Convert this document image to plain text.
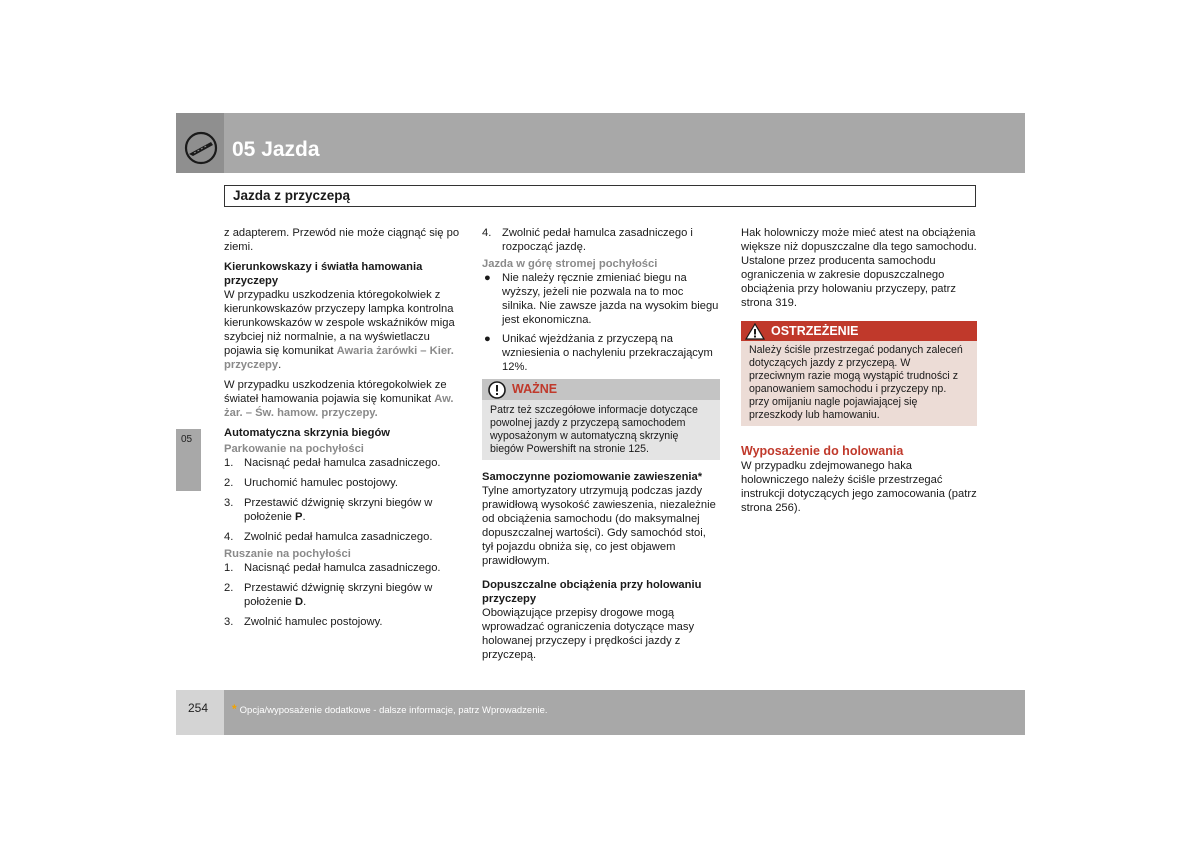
05 Jazda
Jazda z przyczepą
05
z adapterem. Przewód nie może ciągnąć się po ziemi.
Kierunkowskazy i światła hamowania przyczepy
W przypadku uszkodzenia któregokolwiek z kierunkowskazów przyczepy lampka kontrolna kierunkowskazów w zespole wskaźników miga szybciej niż normalnie, a na wyświetlaczu pojawia się komunikat Awaria żarówki – Kier. przyczepy.
W przypadku uszkodzenia któregokolwiek ze świateł hamowania pojawia się komunikat Aw. żar. – Św. hamow. przyczepy.
Automatyczna skrzynia biegów
Parkowanie na pochyłości
1. Nacisnąć pedał hamulca zasadniczego.
2. Uruchomić hamulec postojowy.
3. Przestawić dźwignię skrzyni biegów w położenie P.
4. Zwolnić pedał hamulca zasadniczego.
Ruszanie na pochyłości
1. Nacisnąć pedał hamulca zasadniczego.
2. Przestawić dźwignię skrzyni biegów w położenie D.
3. Zwolnić hamulec postojowy.
4. Zwolnić pedał hamulca zasadniczego i rozpocząć jazdę.
Jazda w górę stromej pochyłości
● Nie należy ręcznie zmieniać biegu na wyższy, jeżeli nie pozwala na to moc silnika. Nie zawsze jazda na wysokim biegu jest ekonomiczna.
● Unikać wjeżdżania z przyczepą na wzniesienia o nachyleniu przekraczającym 12%.
WAŻNE
Patrz też szczegółowe informacje dotyczące powolnej jazdy z przyczepą samochodem wyposażonym w automatyczną skrzynię biegów Powershift na stronie 125.
Samoczynne poziomowanie zawieszenia*
Tylne amortyzatory utrzymują podczas jazdy prawidłową wysokość zawieszenia, niezależnie od obciążenia samochodu (do maksymalnej dopuszczalnej wartości). Gdy samochód stoi, tył pojazdu obniża się, co jest objawem prawidłowym.
Dopuszczalne obciążenia przy holowaniu przyczepy
Obowiązujące przepisy drogowe mogą wprowadzać ograniczenia dotyczące masy holowanej przyczepy i prędkości jazdy z przyczepą.
Hak holowniczy może mieć atest na obciążenia większe niż dopuszczalne dla tego samochodu. Ustalone przez producenta samochodu ograniczenia w zakresie dopuszczalnego obciążenia przy holowaniu przyczepy, patrz strona 319.
OSTRZEŻENIE
Należy ściśle przestrzegać podanych zaleceń dotyczących jazdy z przyczepą. W przeciwnym razie mogą wystąpić trudności z opanowaniem samochodu i przyczepy np. przy omijaniu nagle pojawiającej się przeszkody lub hamowaniu.
Wyposażenie do holowania
W przypadku zdejmowanego haka holowniczego należy ściśle przestrzegać instrukcji dotyczących jego zamocowania (patrz strona 256).
254 * Opcja/wyposażenie dodatkowe - dalsze informacje, patrz Wprowadzenie.
